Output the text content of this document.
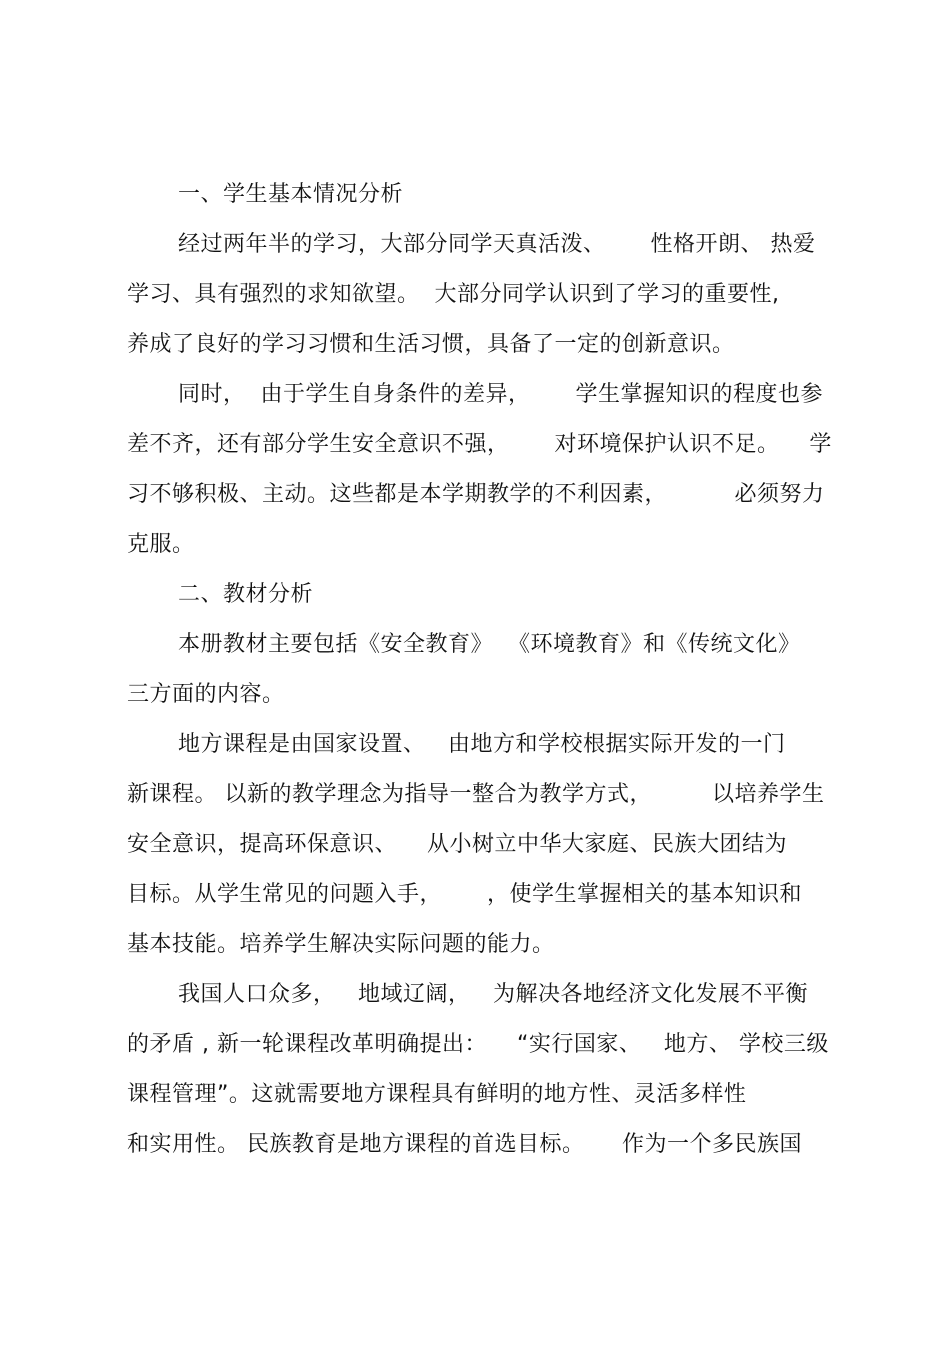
一、学生基本情况分析
经过两年半的学习，大部分同学天真活泼、      性格开朗、 热爱
学习、具有强烈的求知欲望。  大部分同学认识到了学习的重要性,
养成了良好的学习习惯和生活习惯，具备了一定的创新意识。
同时，  由于学生自身条件的差异，      学生掌握知识的程度也参
差不齐，还有部分学生安全意识不强，      对环境保护认识不足。    学
习不够积极、主动。这些都是本学期教学的不利因素，         必须努力
克服。
二、教材分析
本册教材主要包括《安全教育》  《环境教育》和《传统文化》
三方面的内容。
地方课程是由国家设置、   由地方和学校根据实际开发的一门
新课程。 以新的教学理念为指导一整合为教学方式，        以培养学生
安全意识，提高环保意识、    从小树立中华大家庭、民族大团结为
目标。从学生常见的问题入手，      ，使学生掌握相关的基本知识和
基本技能。培养学生解决实际问题的能力。
我国人口众多，   地域辽阔，   为解决各地经济文化发展不平衡
的矛盾 , 新一轮课程改革明确提出：    “实行国家、   地方、 学校三级
课程管理”。这就需要地方课程具有鲜明的地方性、灵活多样性
和实用性。 民族教育是地方课程的首选目标。     作为一个多民族国
